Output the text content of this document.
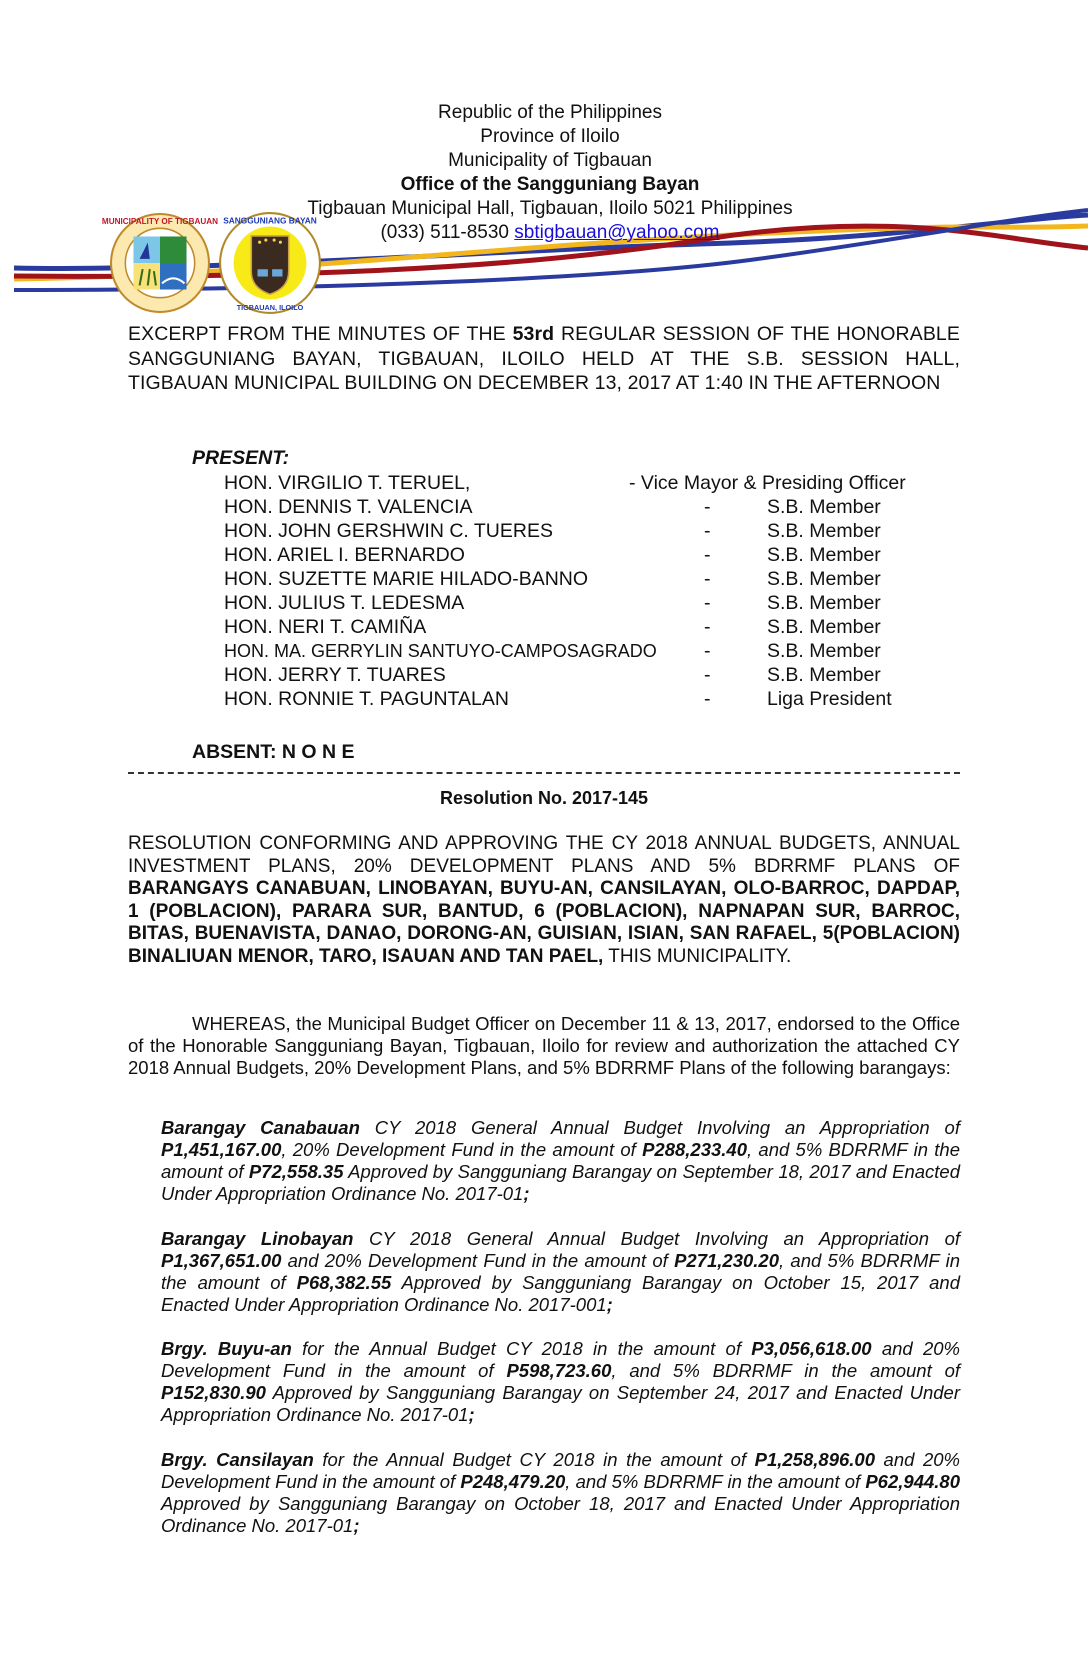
MUNICIPALITY OF TIGBAUAN SANGGUNIANG BAYAN
TIGBAUAN, ILOILO
Republic of the Philippines
Province of Iloilo
Municipality of Tigbauan
Office of the Sangguniang Bayan
Tigbauan Municipal Hall, Tigbauan, Iloilo 5021 Philippines
(033) 511-8530 sbtigbauan@yahoo.com
EXCERPT FROM THE MINUTES OF THE 53rd REGULAR SESSION OF THE HONORABLE SANGGUNIANG BAYAN, TIGBAUAN, ILOILO HELD AT THE S.B. SESSION HALL, TIGBAUAN MUNICIPAL BUILDING ON DECEMBER 13, 2017 AT 1:40 IN THE AFTERNOON
PRESENT:
HON. VIRGILIO T. TERUEL,	- Vice Mayor & Presiding Officer
HON. DENNIS T. VALENCIA	-	S.B. Member
HON. JOHN GERSHWIN C. TUERES	-	S.B. Member
HON. ARIEL I. BERNARDO	-	S.B. Member
HON. SUZETTE MARIE HILADO-BANNO	-	S.B. Member
HON. JULIUS T. LEDESMA	-	S.B. Member
HON. NERI T. CAMIÑA	-	S.B. Member
HON. MA. GERRYLIN SANTUYO-CAMPOSAGRADO -	S.B. Member
HON. JERRY T. TUARES	-	S.B. Member
HON. RONNIE T. PAGUNTALAN	-	Liga President
ABSENT: N O N E
Resolution No. 2017-145
RESOLUTION CONFORMING AND APPROVING THE CY 2018 ANNUAL BUDGETS, ANNUAL INVESTMENT PLANS, 20% DEVELOPMENT PLANS AND 5% BDRRMF PLANS OF BARANGAYS CANABUAN, LINOBAYAN, BUYU-AN, CANSILAYAN, OLO-BARROC, DAPDAP, 1 (POBLACION), PARARA SUR, BANTUD, 6 (POBLACION), NAPNAPAN SUR, BARROC, BITAS, BUENAVISTA, DANAO, DORONG-AN, GUISIAN, ISIAN, SAN RAFAEL, 5(POBLACION) BINALIUAN MENOR, TARO, ISAUAN AND TAN PAEL, THIS MUNICIPALITY.
WHEREAS, the Municipal Budget Officer on December 11 & 13, 2017, endorsed to the Office of the Honorable Sangguniang Bayan, Tigbauan, Iloilo for review and authorization the attached CY 2018 Annual Budgets, 20% Development Plans, and 5% BDRRMF Plans of the following barangays:
Barangay Canabauan CY 2018 General Annual Budget Involving an Appropriation of P1,451,167.00, 20% Development Fund in the amount of P288,233.40, and 5% BDRRMF in the amount of P72,558.35 Approved by Sangguniang Barangay on September 18, 2017 and Enacted Under Appropriation Ordinance No. 2017-01;
Barangay Linobayan CY 2018 General Annual Budget Involving an Appropriation of P1,367,651.00 and 20% Development Fund in the amount of P271,230.20, and 5% BDRRMF in the amount of P68,382.55 Approved by Sangguniang Barangay on October 15, 2017 and Enacted Under Appropriation Ordinance No. 2017-001;
Brgy. Buyu-an for the Annual Budget CY 2018 in the amount of P3,056,618.00 and 20% Development Fund in the amount of P598,723.60, and 5% BDRRMF in the amount of P152,830.90 Approved by Sangguniang Barangay on September 24, 2017 and Enacted Under Appropriation Ordinance No. 2017-01;
Brgy. Cansilayan for the Annual Budget CY 2018 in the amount of P1,258,896.00 and 20% Development Fund in the amount of P248,479.20, and 5% BDRRMF in the amount of P62,944.80 Approved by Sangguniang Barangay on October 18, 2017 and Enacted Under Appropriation Ordinance No. 2017-01;
